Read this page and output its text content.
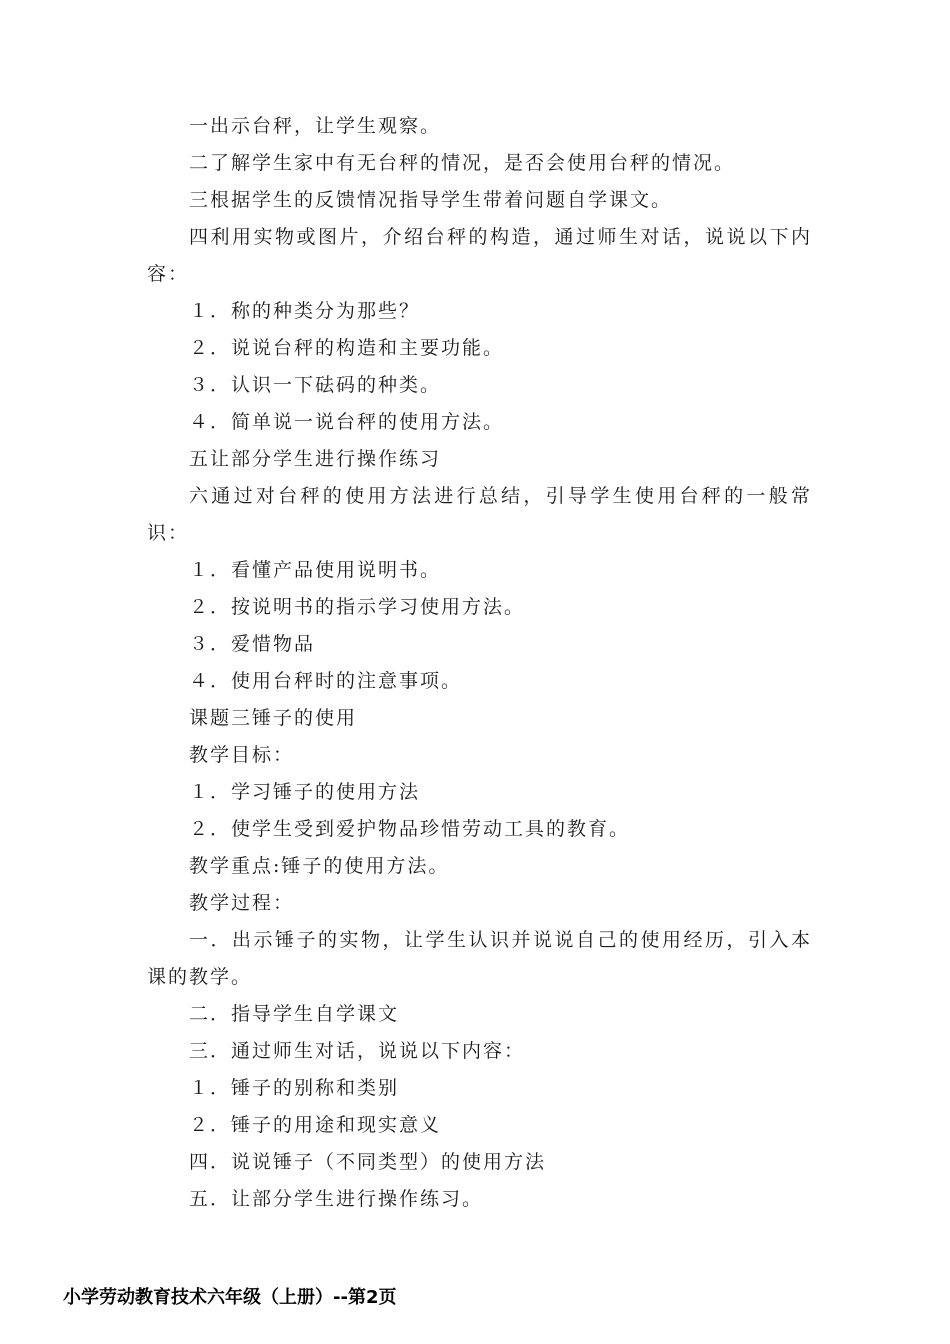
一出示台秤，让学生观察。
二了解学生家中有无台秤的情况，是否会使用台秤的情况。
三根据学生的反馈情况指导学生带着问题自学课文。
四利用实物或图片，介绍台秤的构造，通过师生对话，说说以下内容：
１．称的种类分为那些？
２．说说台秤的构造和主要功能。
３．认识一下砝码的种类。
４．简单说一说台秤的使用方法。
五让部分学生进行操作练习
六通过对台秤的使用方法进行总结，引导学生使用台秤的一般常识：
１．看懂产品使用说明书。
２．按说明书的指示学习使用方法。
３．爱惜物品
４．使用台秤时的注意事项。
课题三锤子的使用
教学目标：
１．学习锤子的使用方法
２．使学生受到爱护物品珍惜劳动工具的教育。
教学重点:锤子的使用方法。
教学过程：
一．出示锤子的实物，让学生认识并说说自己的使用经历，引入本课的教学。
二．指导学生自学课文
三．通过师生对话，说说以下内容：
１．锤子的别称和类别
２．锤子的用途和现实意义
四．说说锤子（不同类型）的使用方法
五．让部分学生进行操作练习。
小学劳动教育技术六年级（上册）--第2页
